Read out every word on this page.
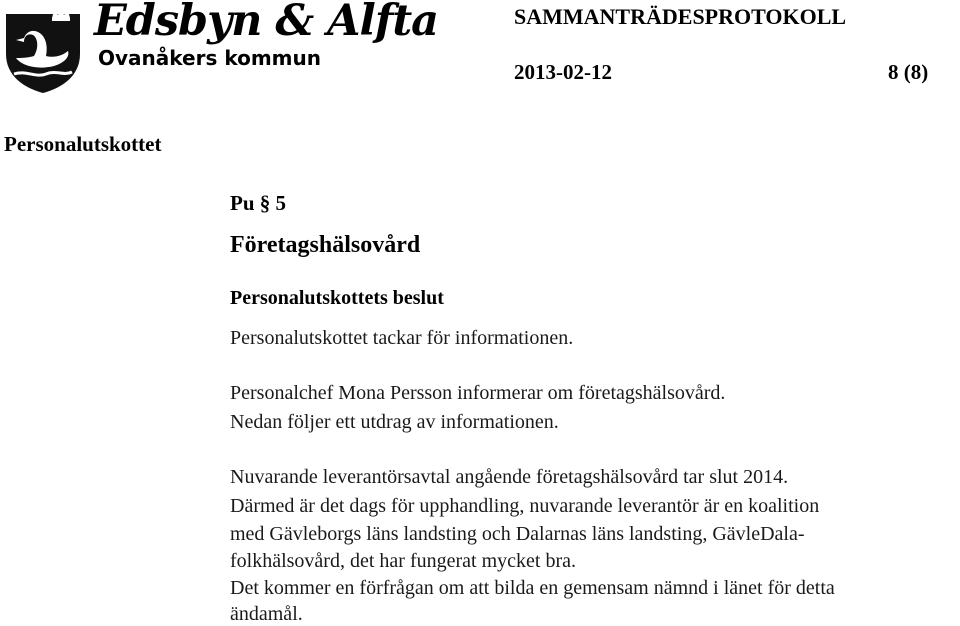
Edsbyn & Alfta
Ovanåkers kommun
SAMMANTRÄDESPROTOKOLL
2013-02-12	8 (8)
Personalutskottet
Pu § 5
Företagshälsovård
Personalutskottets beslut
Personalutskottet tackar för informationen.
Personalchef Mona Persson informerar om företagshälsovård.
Nedan följer ett utdrag av informationen.
Nuvarande leverantörsavtal angående företagshälsovård tar slut 2014.
Därmed är det dags för upphandling, nuvarande leverantör är en koalition
med Gävleborgs läns landsting och Dalarnas läns landsting, GävleDala-
folkhälsovård, det har fungerat mycket bra.
Det kommer en förfrågan om att bilda en gemensam nämnd i länet för detta
ändamål.
